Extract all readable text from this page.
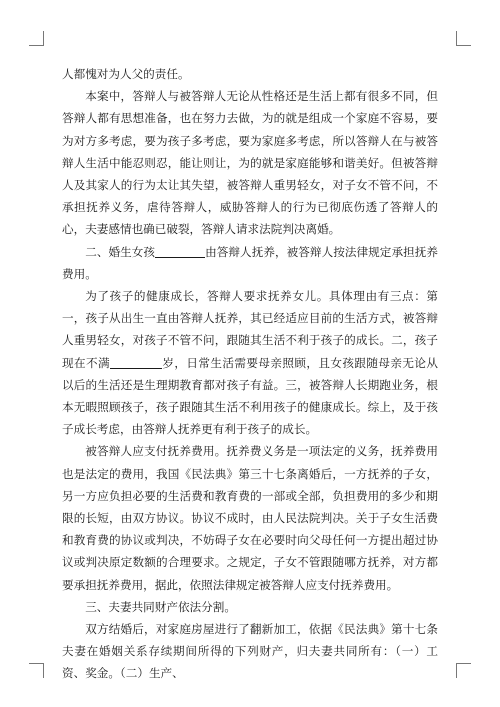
人都愧对为人父的责任。

本案中，答辩人与被答辩人无论从性格还是生活上都有很多不同，但答辩人都有思想准备，也在努力去做，为的就是组成一个家庭不容易，要为对方多考虑，要为孩子多考虑，要为家庭多考虑，所以答辩人在与被答辩人生活中能忍则忍，能让则让，为的就是家庭能够和谐美好。但被答辩人及其家人的行为太让其失望，被答辩人重男轻女，对子女不管不问，不承担抚养义务，虐待答辩人，威胁答辩人的行为已彻底伤透了答辩人的心，夫妻感情也确已破裂，答辩人请求法院判决离婚。

二、婚生女孩	由答辩人抚养，被答辩人按法律规定承担抚养费用。

为了孩子的健康成长，答辩人要求抚养女儿。具体理由有三点：第一，孩子从出生一直由答辩人抚养，其已经适应目前的生活方式，被答辩人重男轻女，对孩子不管不问，跟随其生活不利于孩子的成长。二，孩子现在不满	岁，日常生活需要母亲照顾，且女孩跟随母亲无论从以后的生活还是生理期教育都对孩子有益。三，被答辩人长期跑业务，根本无暇照顾孩子，孩子跟随其生活不利用孩子的健康成长。综上，及于孩子成长考虑，由答辩人抚养更有利于孩子的成长。

被答辩人应支付抚养费用。抚养费义务是一项法定的义务，抚养费用也是法定的费用，我国《民法典》第三十七条离婚后，一方抚养的子女，另一方应负担必要的生活费和教育费的一部或全部，负担费用的多少和期限的长短，由双方协议。协议不成时，由人民法院判决。关于子女生活费和教育费的协议或判决，不妨碍子女在必要时向父母任何一方提出超过协议或判决原定数额的合理要求。之规定，子女不管跟随哪方抚养，对方都要承担抚养费用，据此，依照法律规定被答辩人应支付抚养费用。

三、夫妻共同财产依法分割。

双方结婚后，对家庭房屋进行了翻新加工，依据《民法典》第十七条夫妻在婚姻关系存续期间所得的下列财产，归夫妻共同所有：（一）工资、奖金。（二）生产、
